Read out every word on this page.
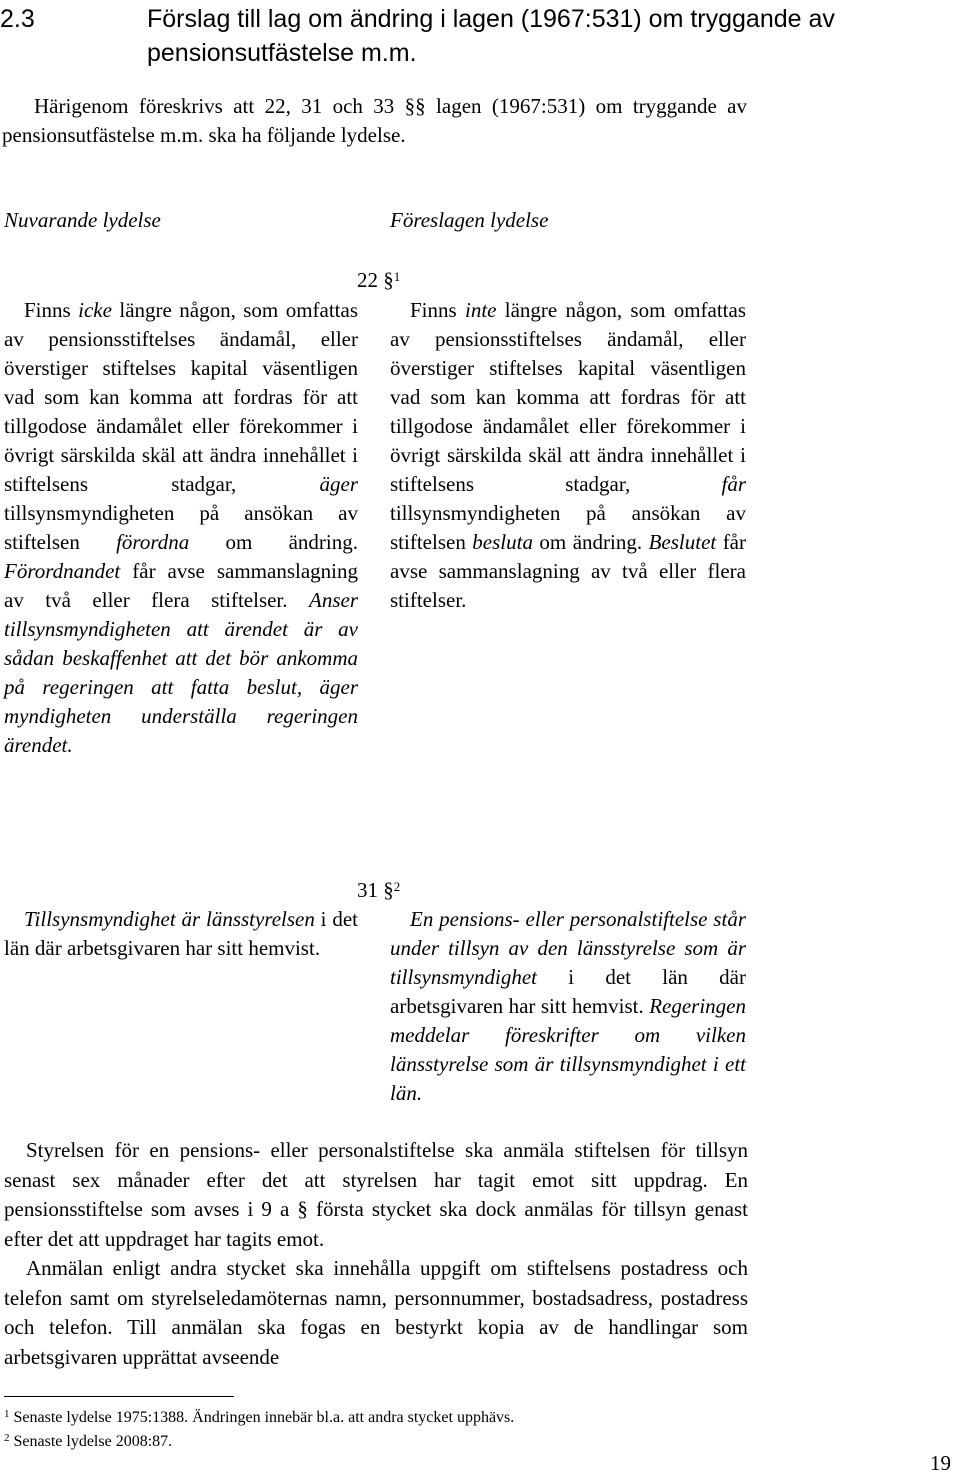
2.3	Förslag till lag om ändring i lagen (1967:531) om tryggande av pensionsutfästelse m.m.
Härigenom föreskrivs att 22, 31 och 33 §§ lagen (1967:531) om tryggande av pensionsutfästelse m.m. ska ha följande lydelse.
Nuvarande lydelse	Föreslagen lydelse
22 §$^1$

Finns icke längre någon, som omfattas av pensionsstiftelses ändamål, eller överstiger stiftelses kapital väsentligen vad som kan komma att fordras för att tillgodose ändamålet eller förekommer i övrigt särskilda skäl att ändra innehållet i stiftelsens stadgar, äger tillsynsmyndigheten på ansökan av stiftelsen förordna om ändring. Förordnandet får avse sammanslagning av två eller flera stiftelser. Anser tillsynsmyndigheten att ärendet är av sådan beskaffenhet att det bör ankomma på regeringen att fatta beslut, äger myndigheten underställa regeringen ärendet.

Finns inte längre någon, som omfattas av pensionsstiftelses ändamål, eller överstiger stiftelses kapital väsentligen vad som kan komma att fordras för att tillgodose ändamålet eller förekommer i övrigt särskilda skäl att ändra innehållet i stiftelsens stadgar, får tillsynsmyndigheten på ansökan av stiftelsen besluta om ändring. Beslutet får avse sammanslagning av två eller flera stiftelser.

31 §$^2$

Tillsynsmyndighet är länsstyrelsen i det län där arbetsgivaren har sitt hemvist.

En pensions- eller personalstiftelse står under tillsyn av den länsstyrelse som är tillsynsmyndighet i det län där arbetsgivaren har sitt hemvist. Regeringen meddelar föreskrifter om vilken länsstyrelse som är tillsynsmyndighet i ett län.

Styrelsen för en pensions- eller personalstiftelse ska anmäla stiftelsen för tillsyn senast sex månader efter det att styrelsen har tagit emot sitt uppdrag. En pensionsstiftelse som avses i 9 a § första stycket ska dock anmälas för tillsyn genast efter det att uppdraget har tagits emot.

Anmälan enligt andra stycket ska innehålla uppgift om stiftelsens postadress och telefon samt om styrelseledamöternas namn, personnummer, bostadsadress, postadress och telefon. Till anmälan ska fogas en bestyrkt kopia av de handlingar som arbetsgivaren upprättat avseende

$^1$ Senaste lydelse 1975:1388. Ändringen innebär bl.a. att andra stycket upphävs.
$^2$ Senaste lydelse 2008:87.
19
